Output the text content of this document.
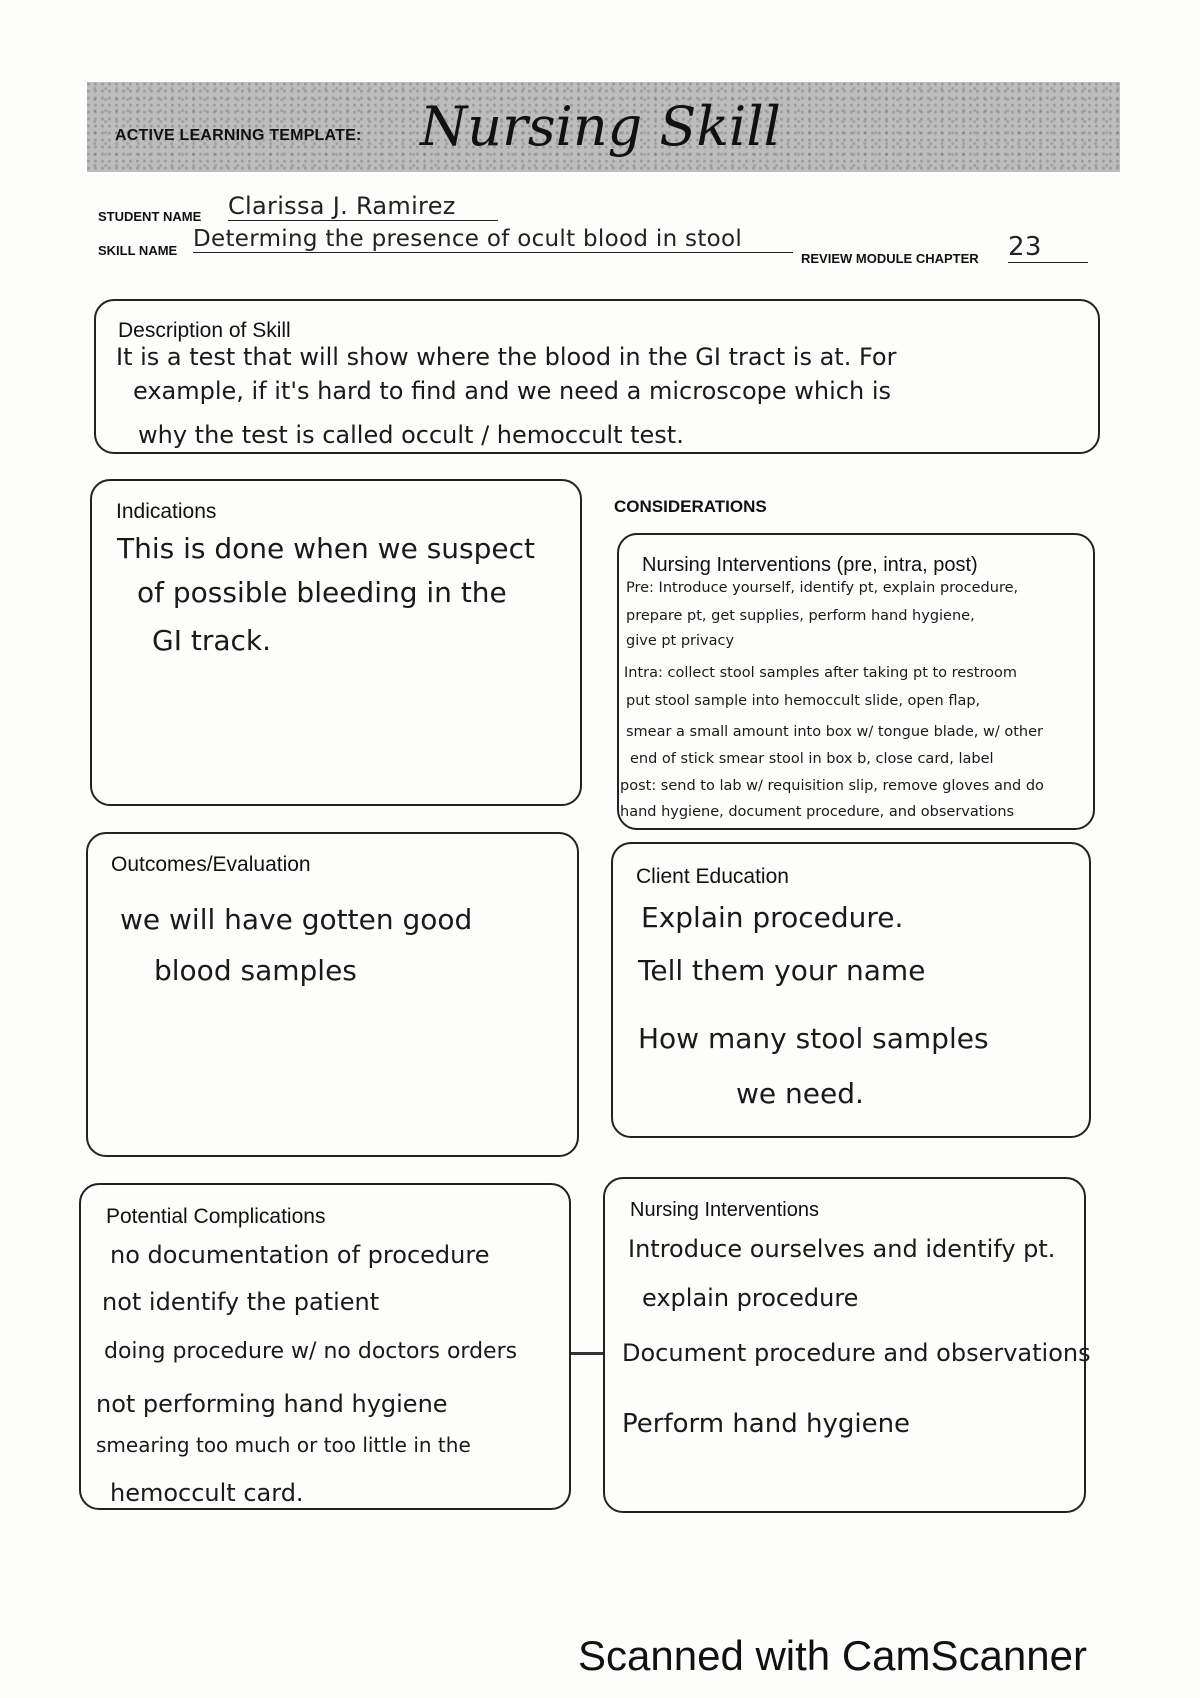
ACTIVE LEARNING TEMPLATE: Nursing Skill
STUDENT NAME Clarissa J. Ramirez
SKILL NAME Determing the presence of ocult blood in stool
REVIEW MODULE CHAPTER 23
Description of Skill
It is a test that will show where the blood in the GI tract is at. For
example, if it's hard to find and we need a microscope which is
why the test is called occult / hemoccult test.
Indications
This is done when we suspect
of possible bleeding in the
GI track.
CONSIDERATIONS
Nursing Interventions (pre, intra, post)
Pre: Introduce yourself, identify pt, explain procedure,
prepare pt, get supplies, perform hand hygiene,
give pt privacy
Intra: collect stool samples after taking pt to restroom
put stool sample into hemoccult slide, open flap,
smear a small amount into box w/ tongue blade, w/ other
end of stick smear stool in box b, close card, label
post: send to lab w/ requisition slip, remove gloves and do
hand hygiene, document procedure, and observations
Outcomes/Evaluation
we will have gotten good
blood samples
Client Education
Explain procedure.
Tell them your name
How many stool samples
we need.
Potential Complications
no documentation of procedure
not identify the patient
doing procedure w/ no doctors orders
not performing hand hygiene
smearing too much or too little in the
hemoccult card.
Nursing Interventions
Introduce ourselves and identify pt.
explain procedure
Document procedure and observations
Perform hand hygiene
Scanned with CamScanner
